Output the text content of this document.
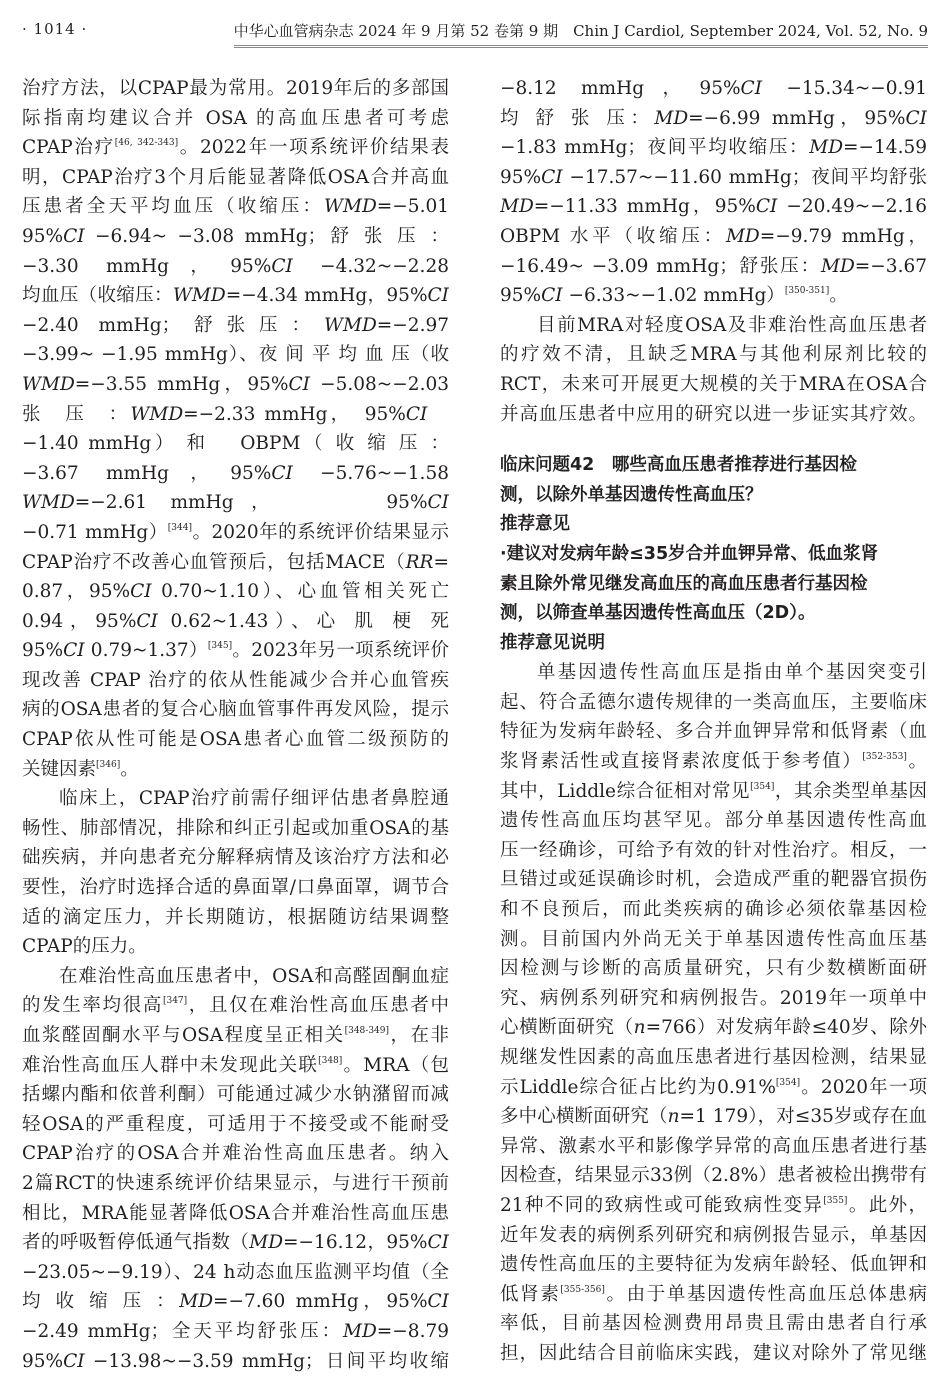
· 1014 ·	中华心血管病杂志 2024 年 9 月第 52 卷第 9 期　Chin J Cardiol, September 2024, Vol. 52, No. 9
治疗方法，以CPAP最为常用。2019年后的多部国
际指南均建议合并 OSA 的高血压患者可考虑
CPAP治疗[46, 342-343]。2022年一项系统评价结果表
明，CPAP治疗3个月后能显著降低OSA合并高血
压患者全天平均血压（收缩压：WMD=−5.01
95%CI −6.94~ −3.08 mmHg；舒 张 压 ：
−3.30 mmHg，95%CI −4.32~−2.28
均血压（收缩压：WMD=−4.34 mmHg，95%CI
−2.40 mmHg；舒张压：WMD=−2.97
−3.99~ −1.95 mmHg）、夜 间 平 均 血 压（收
WMD=−3.55 mmHg，95%CI −5.08~−2.03
张　压　：WMD=−2.33 mmHg，　95%CI
−1.40 mmHg） 和 　OBPM（ 收 缩 压 ：
−3.67 mmHg，95%CI −5.76~−1.58
WMD=−2.61 mmHg，　　　95%CI
−0.71 mmHg）[344]。2020年的系统评价结果显示
CPAP治疗不改善心血管预后，包括MACE（RR=
0.87，95%CI 0.70~1.10）、心血管相关死亡
0.94，95%CI 0.62~1.43）、心 肌 梗 死
95%CI 0.79~1.37）[345]。2023年另一项系统评价
现改善 CPAP 治疗的依从性能减少合并心血管疾
病的OSA患者的复合心脑血管事件再发风险，提示
CPAP依从性可能是OSA患者心血管二级预防的
关键因素[346]。
临床上，CPAP治疗前需仔细评估患者鼻腔通
畅性、肺部情况，排除和纠正引起或加重OSA的基
础疾病，并向患者充分解释病情及该治疗方法和必
要性，治疗时选择合适的鼻面罩/口鼻面罩，调节合
适的滴定压力，并长期随访，根据随访结果调整
CPAP的压力。
在难治性高血压患者中，OSA和高醛固酮血症
的发生率均很高[347]，且仅在难治性高血压患者中
血浆醛固酮水平与OSA程度呈正相关[348-349]，在非
难治性高血压人群中未发现此关联[348]。MRA（包
括螺内酯和依普利酮）可能通过减少水钠潴留而减
轻OSA的严重程度，可适用于不接受或不能耐受
CPAP治疗的OSA合并难治性高血压患者。纳入
2篇RCT的快速系统评价结果显示，与进行干预前
相比，MRA能显著降低OSA合并难治性高血压患
者的呼吸暂停低通气指数（MD=−16.12，95%CI
−23.05~−9.19）、24 h动态血压监测平均值（全
均 收 缩 压 ：MD=−7.60 mmHg，95%CI
−2.49 mmHg；全天平均舒张压：MD=−8.79
95%CI −13.98~−3.59 mmHg；日间平均收缩
−8.12 mmHg，95%CI −15.34~−0.91
均 舒 张 压：MD=−6.99 mmHg，95%CI
−1.83 mmHg；夜间平均收缩压：MD=−14.59
95%CI −17.57~−11.60 mmHg；夜间平均舒张
MD=−11.33 mmHg，95%CI −20.49~−2.16
OBPM 水平（收缩压：MD=−9.79 mmHg，
−16.49~ −3.09 mmHg；舒张压：MD=−3.67
95%CI −6.33~−1.02 mmHg）[350-351]。
目前MRA对轻度OSA及非难治性高血压患者
的疗效不清，且缺乏MRA与其他利尿剂比较的
RCT，未来可开展更大规模的关于MRA在OSA合
并高血压患者中应用的研究以进一步证实其疗效。
临床问题42　哪些高血压患者推荐进行基因检
测，以除外单基因遗传性高血压？
推荐意见
·建议对发病年龄≤35岁合并血钾异常、低血浆肾
素且除外常见继发高血压的高血压患者行基因检
测，以筛查单基因遗传性高血压（2D）。
推荐意见说明
单基因遗传性高血压是指由单个基因突变引
起、符合孟德尔遗传规律的一类高血压，主要临床
特征为发病年龄轻、多合并血钾异常和低肾素（血
浆肾素活性或直接肾素浓度低于参考值）[352-353]。
其中，Liddle综合征相对常见[354]，其余类型单基因
遗传性高血压均甚罕见。部分单基因遗传性高血
压一经确诊，可给予有效的针对性治疗。相反，一
旦错过或延误确诊时机，会造成严重的靶器官损伤
和不良预后，而此类疾病的确诊必须依靠基因检
测。目前国内外尚无关于单基因遗传性高血压基
因检测与诊断的高质量研究，只有少数横断面研
究、病例系列研究和病例报告。2019年一项单中
心横断面研究（n=766）对发病年龄≤40岁、除外
规继发性因素的高血压患者进行基因检测，结果显
示Liddle综合征占比约为0.91%[354]。2020年一项
多中心横断面研究（n=1 179），对≤35岁或存在血
异常、激素水平和影像学异常的高血压患者进行基
因检查，结果显示33例（2.8%）患者被检出携带有
21种不同的致病性或可能致病性变异[355]。此外，
近年发表的病例系列研究和病例报告显示，单基因
遗传性高血压的主要特征为发病年龄轻、低血钾和
低肾素[355-356]。由于单基因遗传性高血压总体患病
率低，目前基因检测费用昂贵且需由患者自行承
担，因此结合目前临床实践，建议对除外了常见继
